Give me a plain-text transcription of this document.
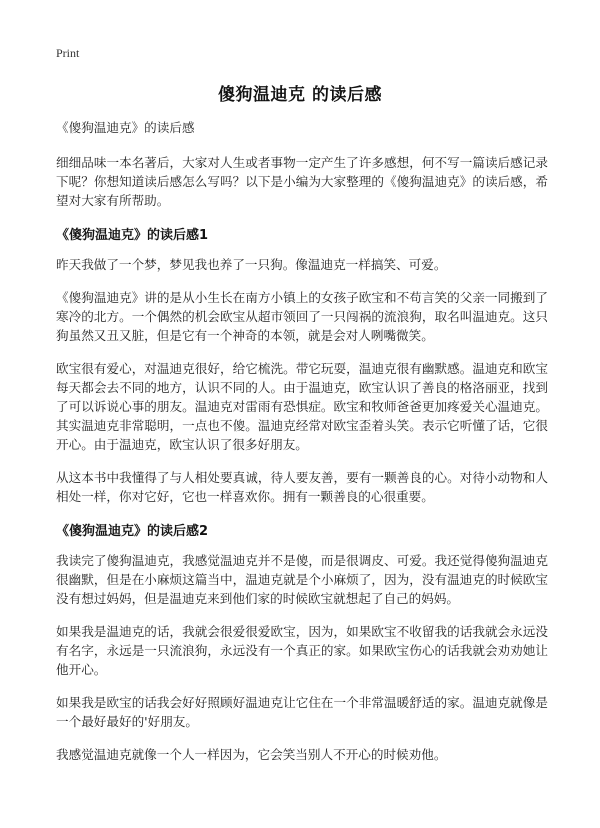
Print
傻狗温迪克 的读后感

《傻狗温迪克》的读后感

细细品味一本名著后，大家对人生或者事物一定产生了许多感想，何不写一篇读后感记录下呢？你想知道读后感怎么写吗？以下是小编为大家整理的《傻狗温迪克》的读后感，希望对大家有所帮助。

《傻狗温迪克》的读后感1

昨天我做了一个梦，梦见我也养了一只狗。像温迪克一样搞笑、可爱。

《傻狗温迪克》讲的是从小生长在南方小镇上的女孩子欧宝和不苟言笑的父亲一同搬到了寒冷的北方。一个偶然的机会欧宝从超市领回了一只闯祸的流浪狗，取名叫温迪克。这只狗虽然又丑又脏，但是它有一个神奇的本领，就是会对人咧嘴微笑。

欧宝很有爱心，对温迪克很好，给它梳洗。带它玩耍，温迪克很有幽默感。温迪克和欧宝每天都会去不同的地方，认识不同的人。由于温迪克，欧宝认识了善良的格洛丽亚，找到了可以诉说心事的朋友。温迪克对雷雨有恐惧症。欧宝和牧师爸爸更加疼爱关心温迪克。其实温迪克非常聪明，一点也不傻。温迪克经常对欧宝歪着头笑。表示它听懂了话，它很开心。由于温迪克，欧宝认识了很多好朋友。

从这本书中我懂得了与人相处要真诚，待人要友善，要有一颗善良的心。对待小动物和人相处一样，你对它好，它也一样喜欢你。拥有一颗善良的心很重要。

《傻狗温迪克》的读后感2

我读完了傻狗温迪克，我感觉温迪克并不是傻，而是很调皮、可爱。我还觉得傻狗温迪克很幽默，但是在小麻烦这篇当中，温迪克就是个小麻烦了，因为，没有温迪克的时候欧宝没有想过妈妈，但是温迪克来到他们家的时候欧宝就想起了自己的妈妈。

如果我是温迪克的话，我就会很爱很爱欧宝，因为，如果欧宝不收留我的话我就会永远没有名字，永远是一只流浪狗，永远没有一个真正的家。如果欧宝伤心的话我就会劝劝她让他开心。

如果我是欧宝的话我会好好照顾好温迪克让它住在一个非常温暖舒适的家。温迪克就像是一个最好最好的'好朋友。

我感觉温迪克就像一个人一样因为，它会笑当别人不开心的时候劝他。
